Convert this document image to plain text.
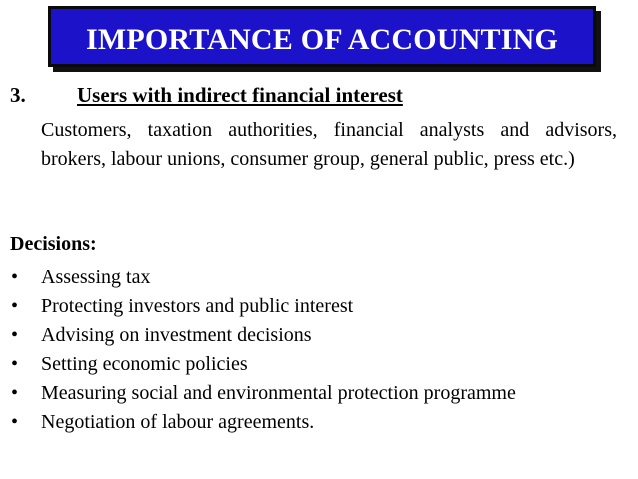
IMPORTANCE OF ACCOUNTING
3. Users with indirect financial interest

Customers, taxation authorities, financial analysts and advisors, brokers, labour unions, consumer group, general public, press etc.)

Decisions:
• Assessing tax
• Protecting investors and public interest
• Advising on investment decisions
• Setting economic policies
• Measuring social and environmental protection programme
• Negotiation of labour agreements.
